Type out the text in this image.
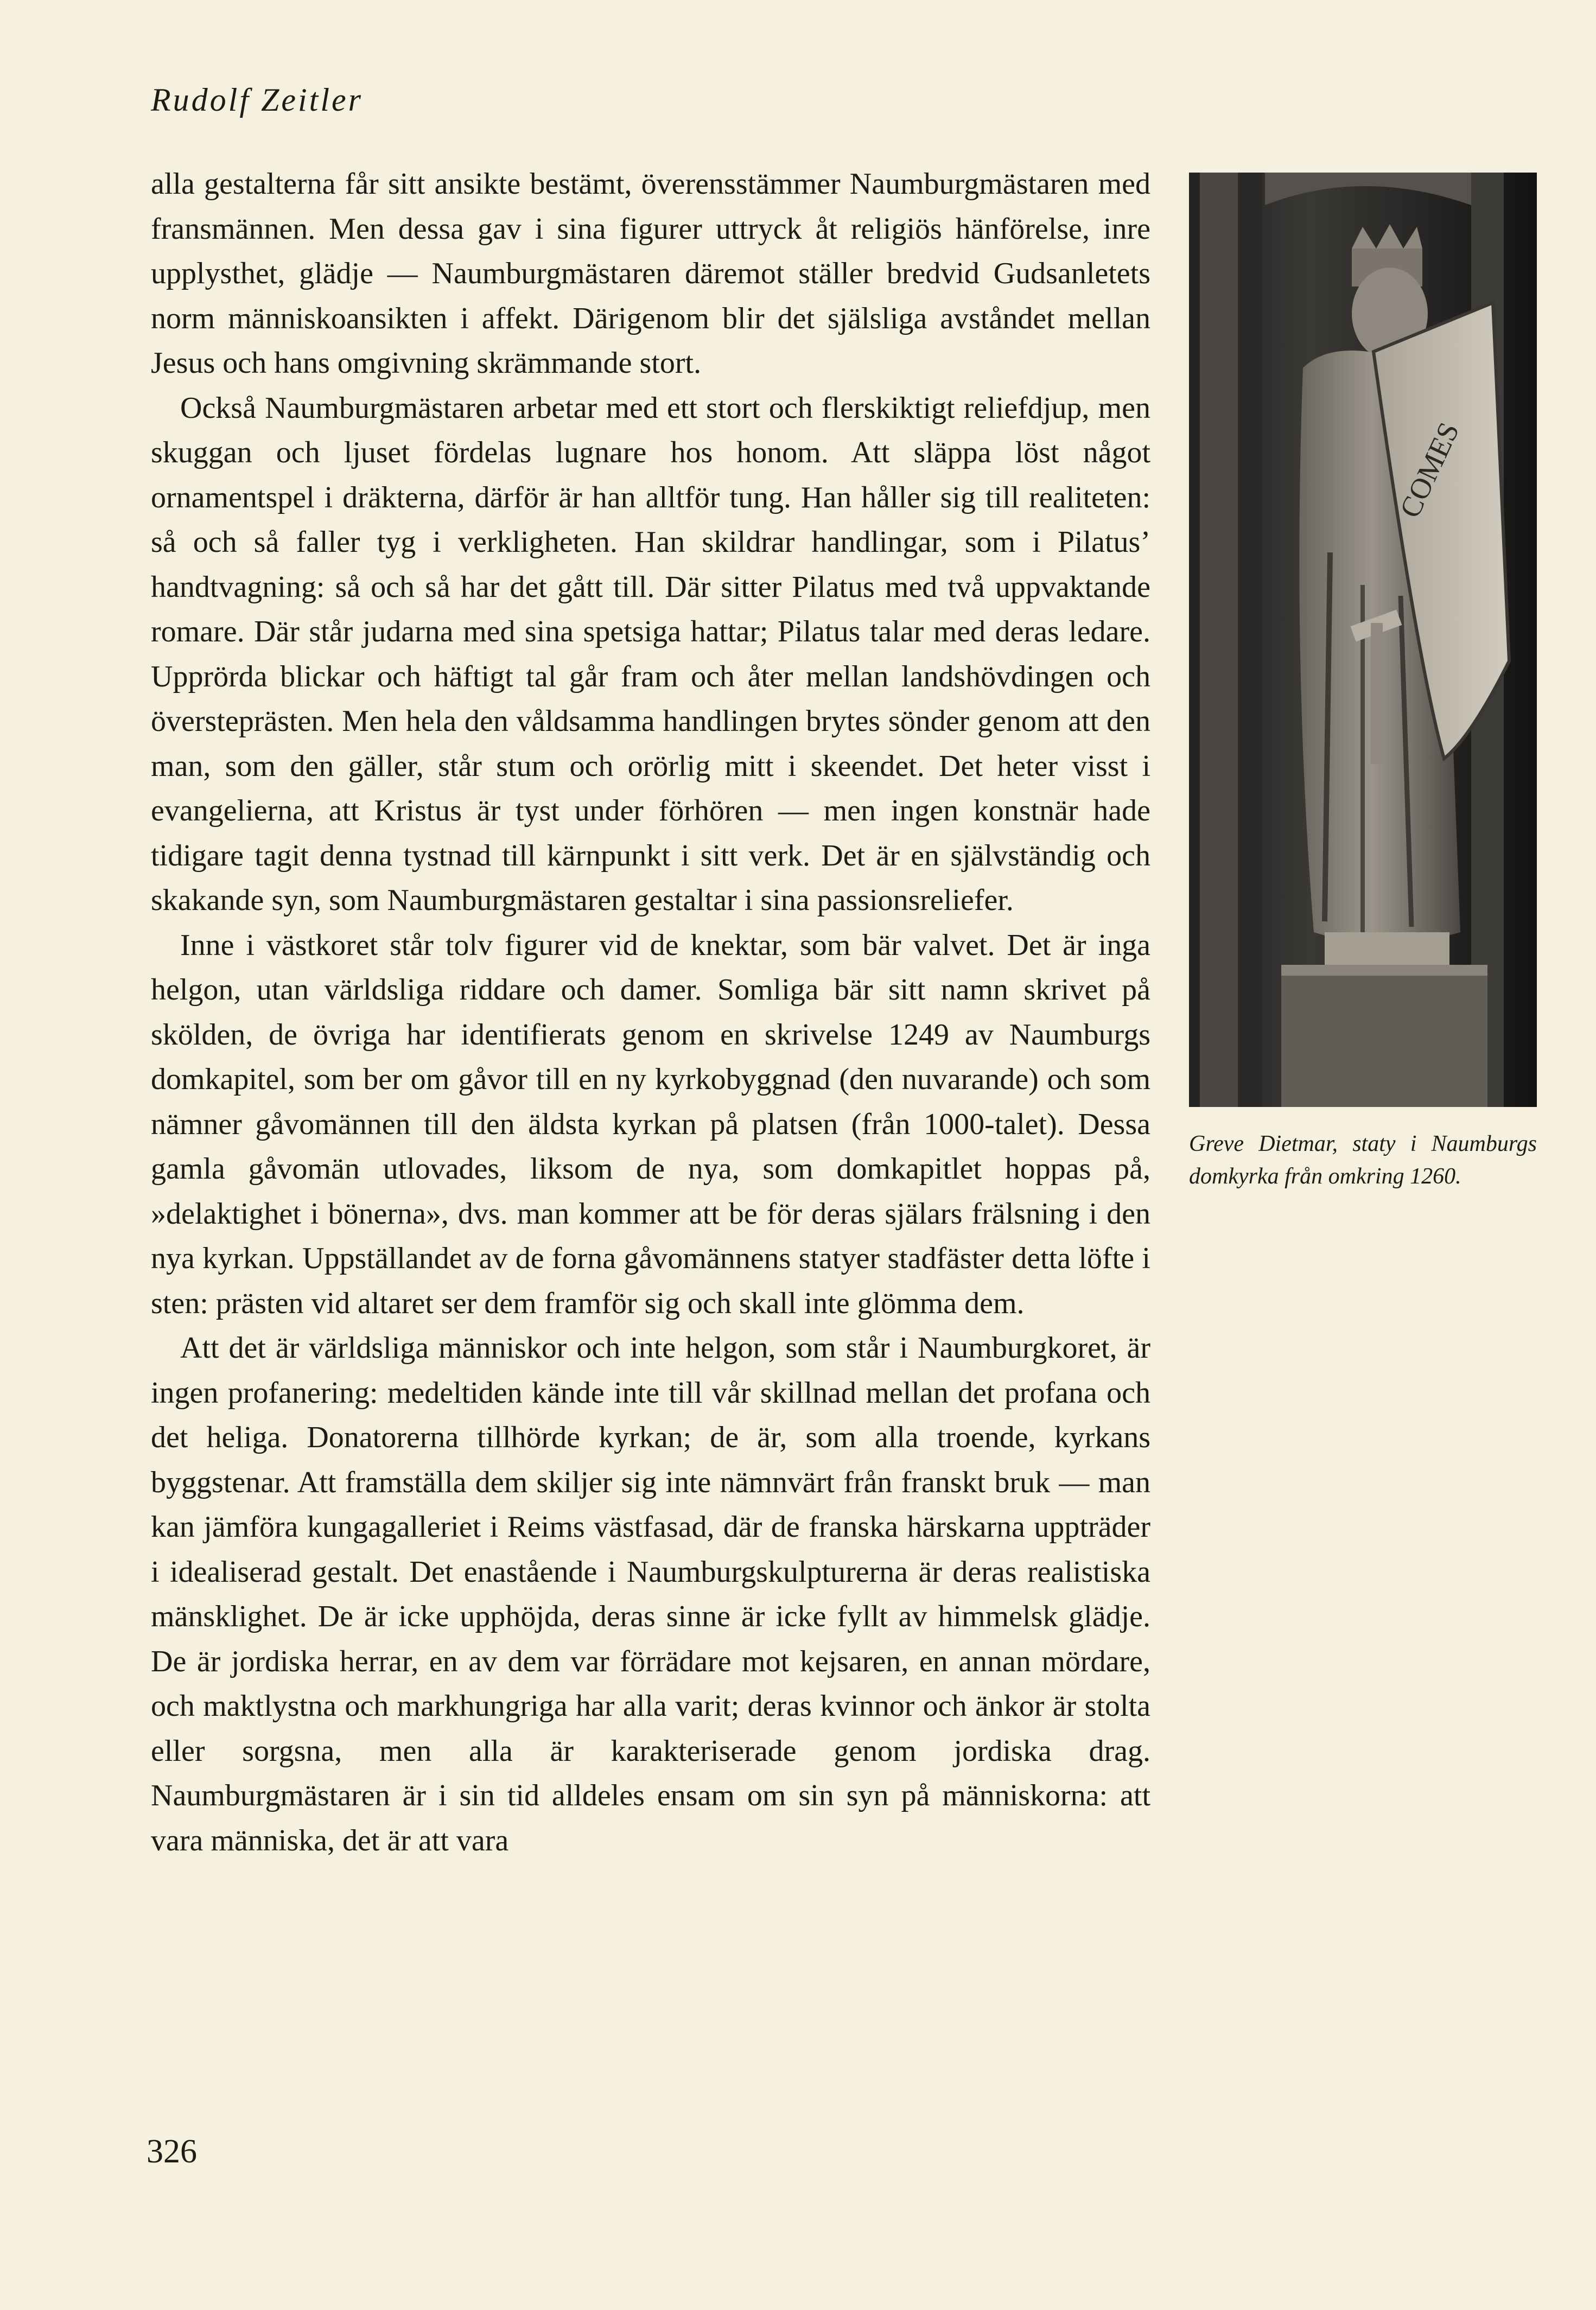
Rudolf Zeitler

alla gestalterna får sitt ansikte bestämt, överensstämmer Naumburgmästaren med fransmännen. Men dessa gav i sina figurer uttryck åt religiös hänförelse, inre upplysthet, glädje — Naumburgmästaren däremot ställer bredvid Gudsanletets norm människoansikten i affekt. Därigenom blir det själsliga avståndet mellan Jesus och hans omgivning skrämmande stort.

Också Naumburgmästaren arbetar med ett stort och flerskiktigt reliefdjup, men skuggan och ljuset fördelas lugnare hos honom. Att släppa löst något ornamentspel i dräkterna, därför är han alltför tung. Han håller sig till realiteten: så och så faller tyg i verkligheten. Han skildrar handlingar, som i Pilatus’ handtvagning: så och så har det gått till. Där sitter Pilatus med två uppvaktande romare. Där står judarna med sina spetsiga hattar; Pilatus talar med deras ledare. Upprörda blickar och häftigt tal går fram och åter mellan landshövdingen och översteprästen. Men hela den våldsamma handlingen brytes sönder genom att den man, som den gäller, står stum och orörlig mitt i skeendet. Det heter visst i evangelierna, att Kristus är tyst under förhören — men ingen konstnär hade tidigare tagit denna tystnad till kärnpunkt i sitt verk. Det är en självständig och skakande syn, som Naumburgmästaren gestaltar i sina passionsreliefer.

Inne i västkoret står tolv figurer vid de knektar, som bär valvet. Det är inga helgon, utan världsliga riddare och damer. Somliga bär sitt namn skrivet på skölden, de övriga har identifierats genom en skrivelse 1249 av Naumburgs domkapitel, som ber om gåvor till en ny kyrkobyggnad (den nuvarande) och som nämner gåvomännen till den äldsta kyrkan på platsen (från 1000-talet). Dessa gamla gåvomän utlovades, liksom de nya, som domkapitlet hoppas på, »delaktighet i bönerna», dvs. man kommer att be för deras själars frälsning i den nya kyrkan. Uppställandet av de forna gåvomännens statyer stadfäster detta löfte i sten: prästen vid altaret ser dem framför sig och skall inte glömma dem.

Att det är världsliga människor och inte helgon, som står i Naumburgkoret, är ingen profanering: medeltiden kände inte till vår skillnad mellan det profana och det heliga. Donatorerna tillhörde kyrkan; de är, som alla troende, kyrkans byggstenar. Att framställa dem skiljer sig inte nämnvärt från franskt bruk — man kan jämföra kungagalleriet i Reims västfasad, där de franska härskarna uppträder i idealiserad gestalt. Det enastående i Naumburgskulpturerna är deras realistiska mänsklighet. De är icke upphöjda, deras sinne är icke fyllt av himmelsk glädje. De är jordiska herrar, en av dem var förrädare mot kejsaren, en annan mördare, och maktlystna och markhungriga har alla varit; deras kvinnor och änkor är stolta eller sorgsna, men alla är karakteriserade genom jordiska drag. Naumburgmästaren är i sin tid alldeles ensam om sin syn på människorna: att vara människa, det är att vara

COMES
Greve Dietmar, staty i Naumburgs domkyrka från omkring 1260.
326
